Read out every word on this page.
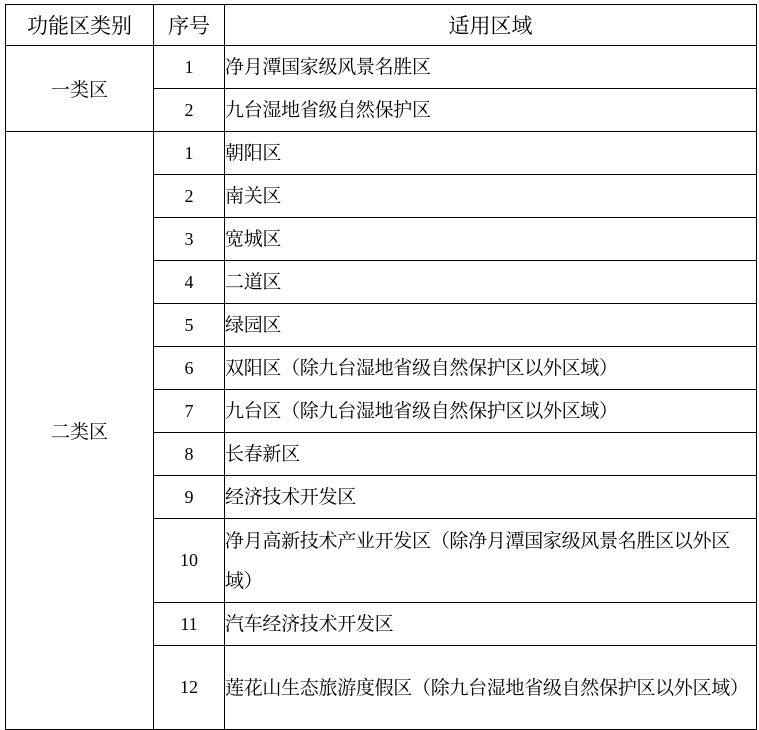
功能区类别	序号	适用区域
一类区	1	净月潭国家级风景名胜区
	2	九台湿地省级自然保护区
二类区	1	朝阳区
	2	南关区
	3	宽城区
	4	二道区
	5	绿园区
	6	双阳区（除九台湿地省级自然保护区以外区域）
	7	九台区（除九台湿地省级自然保护区以外区域）
	8	长春新区
	9	经济技术开发区
	10	净月高新技术产业开发区（除净月潭国家级风景名胜区以外区域）
	11	汽车经济技术开发区
	12	莲花山生态旅游度假区（除九台湿地省级自然保护区以外区域）
